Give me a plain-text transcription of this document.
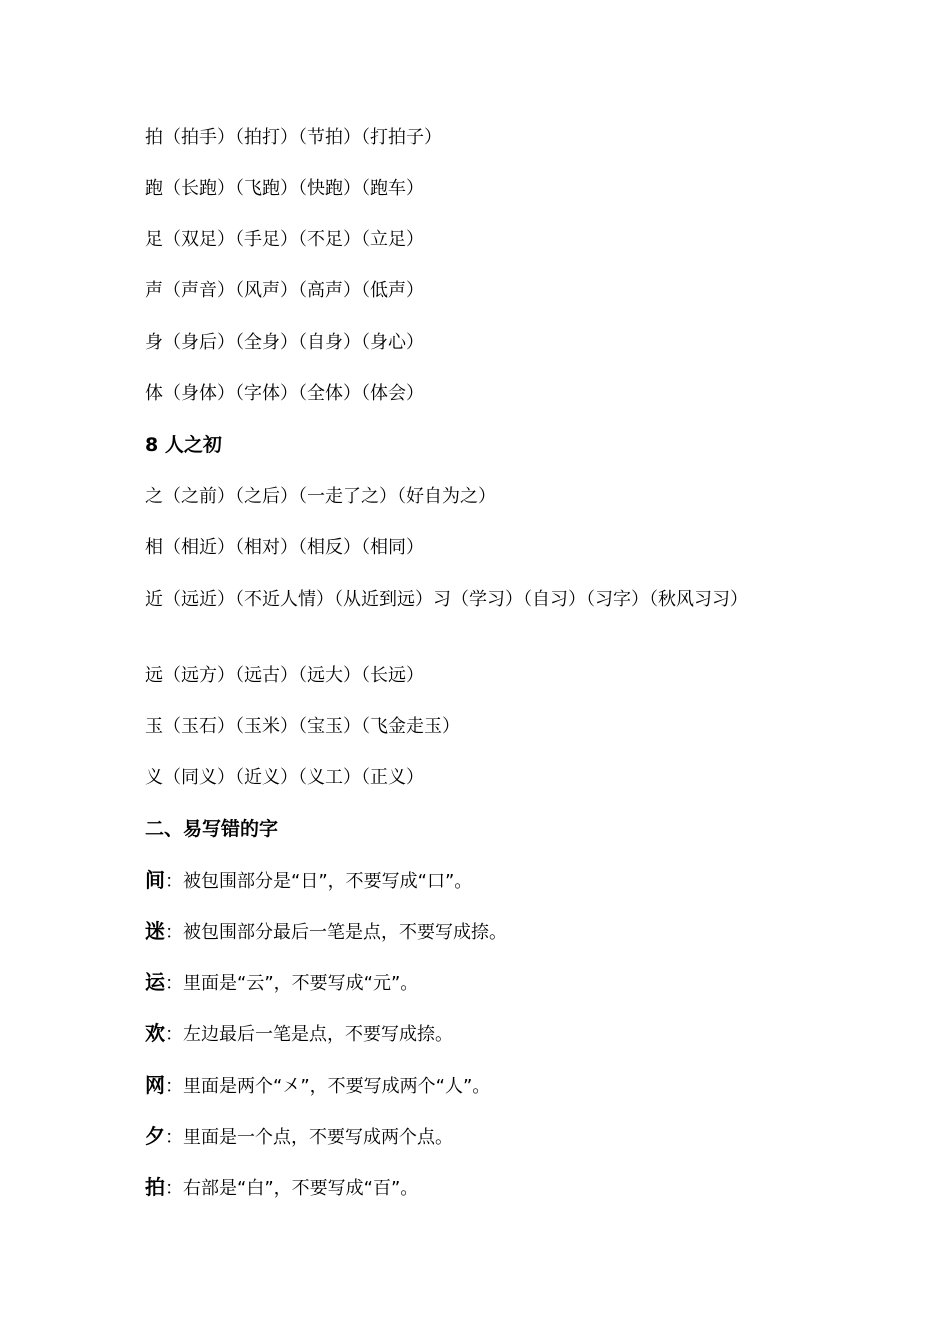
拍（拍手）（拍打）（节拍）（打拍子）
跑（长跑）（飞跑）（快跑）（跑车）
足（双足）（手足）（不足）（立足）
声（声音）（风声）（高声）（低声）
身（身后）（全身）（自身）（身心）
体（身体）（字体）（全体）（体会）
8 人之初
之（之前）（之后）（一走了之）（好自为之）
相（相近）（相对）（相反）（相同）
近（远近）（不近人情）（从近到远）习（学习）（自习）（习字）（秋风习习）
远（远方）（远古）（远大）（长远）
玉（玉石）（玉米）（宝玉）（飞金走玉）
义（同义）（近义）（义工）（正义）
二、易写错的字
间：被包围部分是“日”，不要写成“口”。
迷：被包围部分最后一笔是点，不要写成捺。
运：里面是“云”，不要写成“元”。
欢：左边最后一笔是点，不要写成捺。
网：里面是两个“㐅”，不要写成两个“人”。
夕：里面是一个点，不要写成两个点。
拍：右部是“白”，不要写成“百”。
